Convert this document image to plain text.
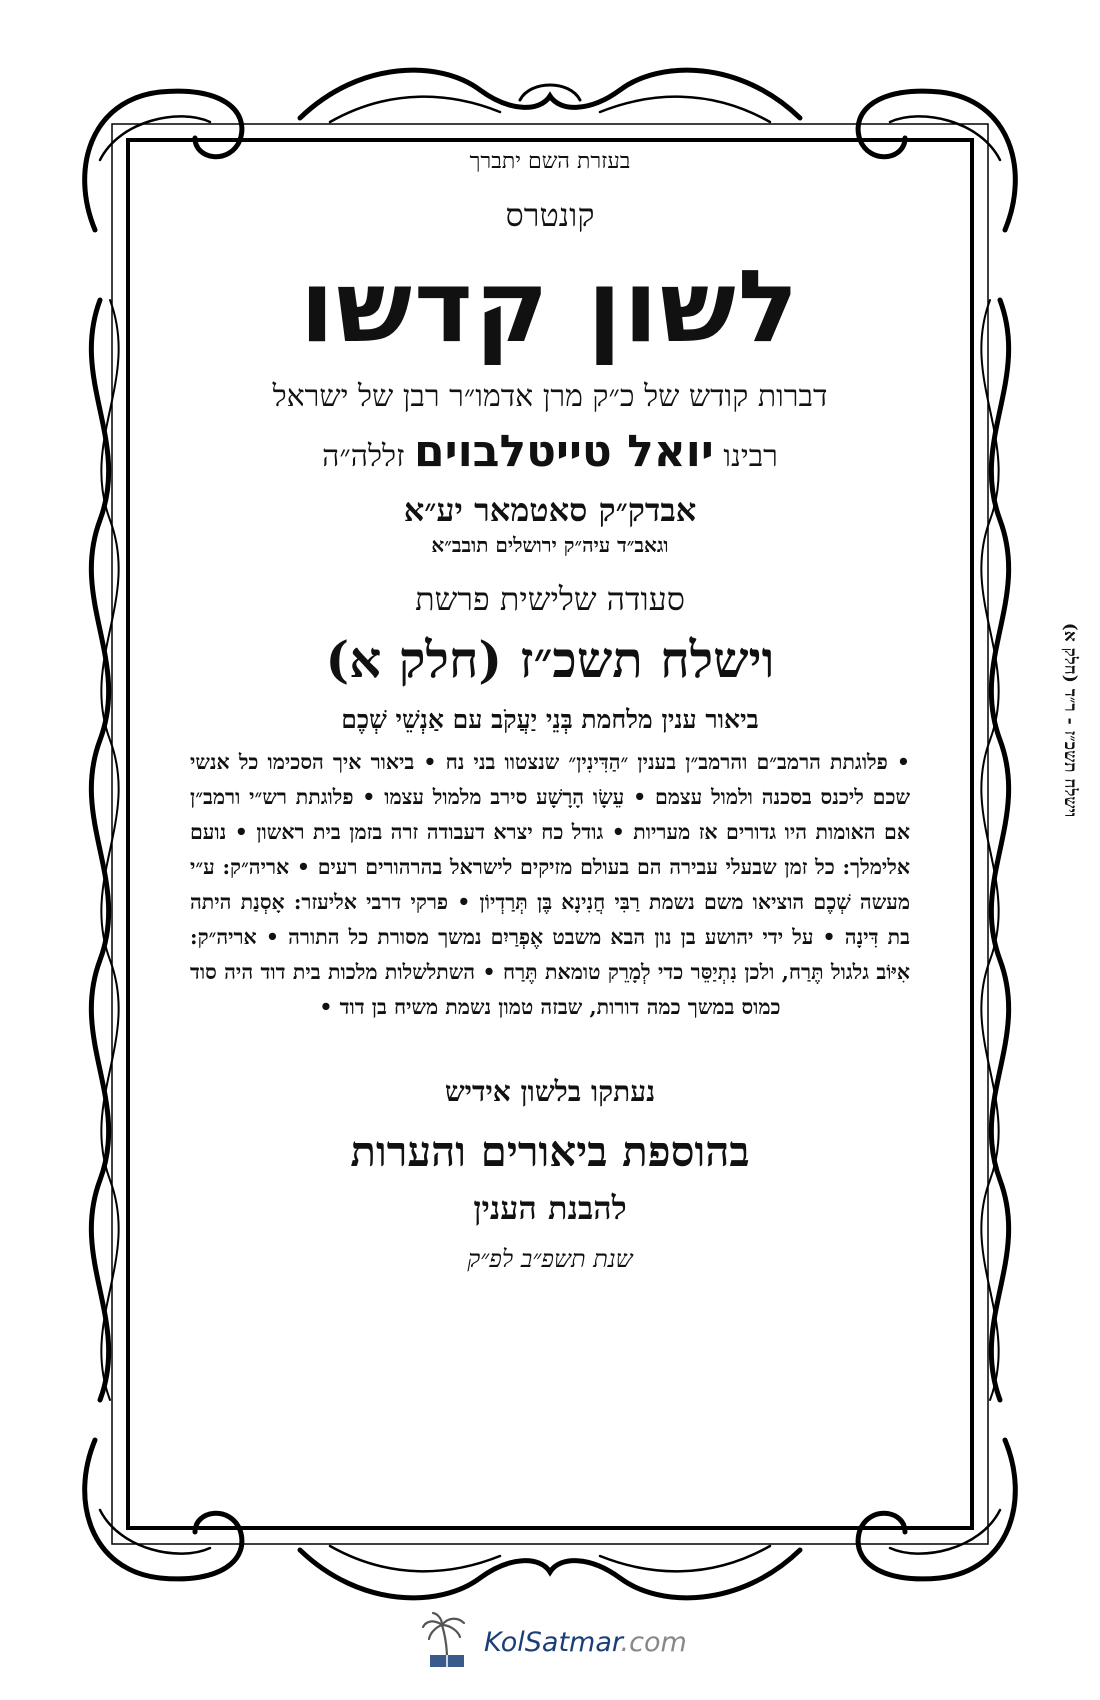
וישלח תשכ״ז - ר״ד (חלק א)
בעזרת השם יתברך
קונטרס
לשון קדשו
דברות קודש של כ״ק מרן אדמו״ר רבן של ישראל
רבינו יואל טייטלבוים זללה״ה
אבדק״ק סאטמאר יע״א
וגאב״ד עיה״ק ירושלים תובב״א
סעודה שלישית פרשת
וישלח תשכ״ז (חלק א)
ביאור ענין מלחמת בְּנֵי יַעֲקֹב עם אַנְשֵׁי שְׁכֶם
• פלוגתת הרמב״ם והרמב״ן בענין ״הַדִּינִין״ שנצטוו בני נח • ביאור איך הסכימו כל אנשי שכם ליכנס בסכנה ולמול עצמם • עֵשָׂו הָרָשָׁע סירב מלמול עצמו • פלוגתת רש״י ורמב״ן אם האומות היו גדורים אז מעריות • גודל כח יצרא דעבודה זרה בזמן בית ראשון • נועם אלימלך: כל זמן שבעלי עבירה הם בעולם מזיקים לישראל בהרהורים רעים • אריה״ק: ע״י מעשה שְׁכֶם הוציאו משם נשמת רַבִּי חֲנִינָא בֶּן תְּרַדְיוֹן • פרקי דרבי אליעזר: אָסְנַת היתה בת דִּינָה • על ידי יהושע בן נון הבא משבט אֶפְרַיִם נמשך מסורת כל התורה • אריה״ק: אִיּוֹב גלגול תֶּרַח, ולכן נִתְיַסֵּר כדי לְמָרֵק טומאת תֶּרַח • השתלשלות מלכות בית דוד היה סוד כמוס במשך כמה דורות, שבזה טמון נשמת משיח בן דוד •
נעתקו בלשון אידיש
בהוספת ביאורים והערות
להבנת הענין
שנת תשפ״ב לפ״ק
KolSatmar.com
